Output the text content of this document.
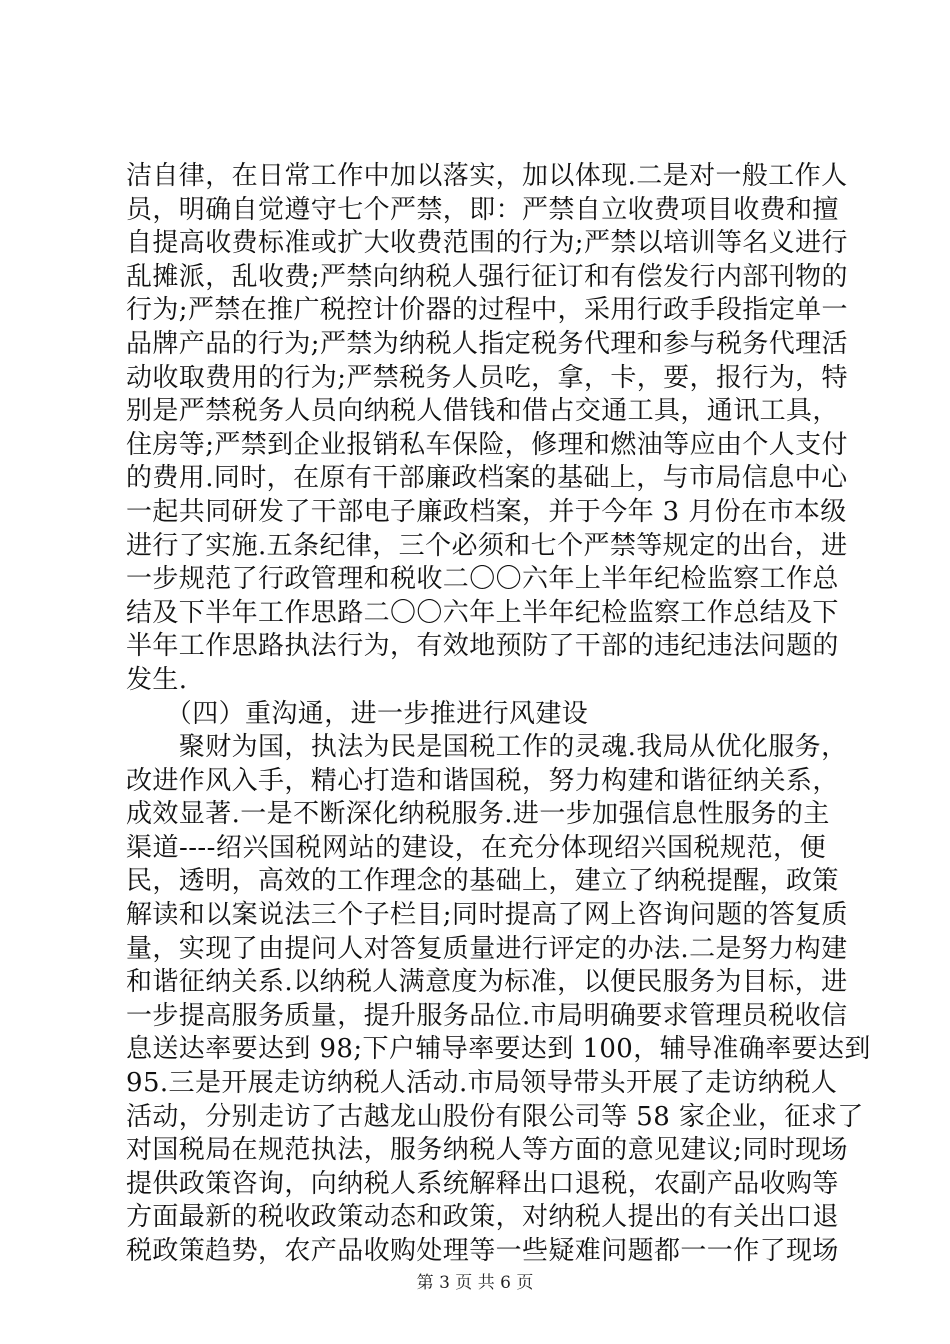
洁自律，在日常工作中加以落实，加以体现.二是对一般工作人
员，明确自觉遵守七个严禁，即：严禁自立收费项目收费和擅
自提高收费标准或扩大收费范围的行为;严禁以培训等名义进行
乱摊派，乱收费;严禁向纳税人强行征订和有偿发行内部刊物的
行为;严禁在推广税控计价器的过程中，采用行政手段指定单一
品牌产品的行为;严禁为纳税人指定税务代理和参与税务代理活
动收取费用的行为;严禁税务人员吃，拿，卡，要，报行为，特
别是严禁税务人员向纳税人借钱和借占交通工具，通讯工具，
住房等;严禁到企业报销私车保险，修理和燃油等应由个人支付
的费用.同时，在原有干部廉政档案的基础上，与市局信息中心
一起共同研发了干部电子廉政档案，并于今年 3 月份在市本级
进行了实施.五条纪律，三个必须和七个严禁等规定的出台，进
一步规范了行政管理和税收二〇〇六年上半年纪检监察工作总
结及下半年工作思路二〇〇六年上半年纪检监察工作总结及下
半年工作思路执法行为，有效地预防了干部的违纪违法问题的
发生.
　　（四）重沟通，进一步推进行风建设
　　聚财为国，执法为民是国税工作的灵魂.我局从优化服务，
改进作风入手，精心打造和谐国税，努力构建和谐征纳关系，
成效显著.一是不断深化纳税服务.进一步加强信息性服务的主
渠道----绍兴国税网站的建设，在充分体现绍兴国税规范，便
民，透明，高效的工作理念的基础上，建立了纳税提醒，政策
解读和以案说法三个子栏目;同时提高了网上咨询问题的答复质
量，实现了由提问人对答复质量进行评定的办法.二是努力构建
和谐征纳关系.以纳税人满意度为标准，以便民服务为目标，进
一步提高服务质量，提升服务品位.市局明确要求管理员税收信
息送达率要达到 98;下户辅导率要达到 100，辅导准确率要达到
95.三是开展走访纳税人活动.市局领导带头开展了走访纳税人
活动，分别走访了古越龙山股份有限公司等 58 家企业，征求了
对国税局在规范执法，服务纳税人等方面的意见建议;同时现场
提供政策咨询，向纳税人系统解释出口退税，农副产品收购等
方面最新的税收政策动态和政策，对纳税人提出的有关出口退
税政策趋势，农产品收购处理等一些疑难问题都一一作了现场
第 3 页 共 6 页
